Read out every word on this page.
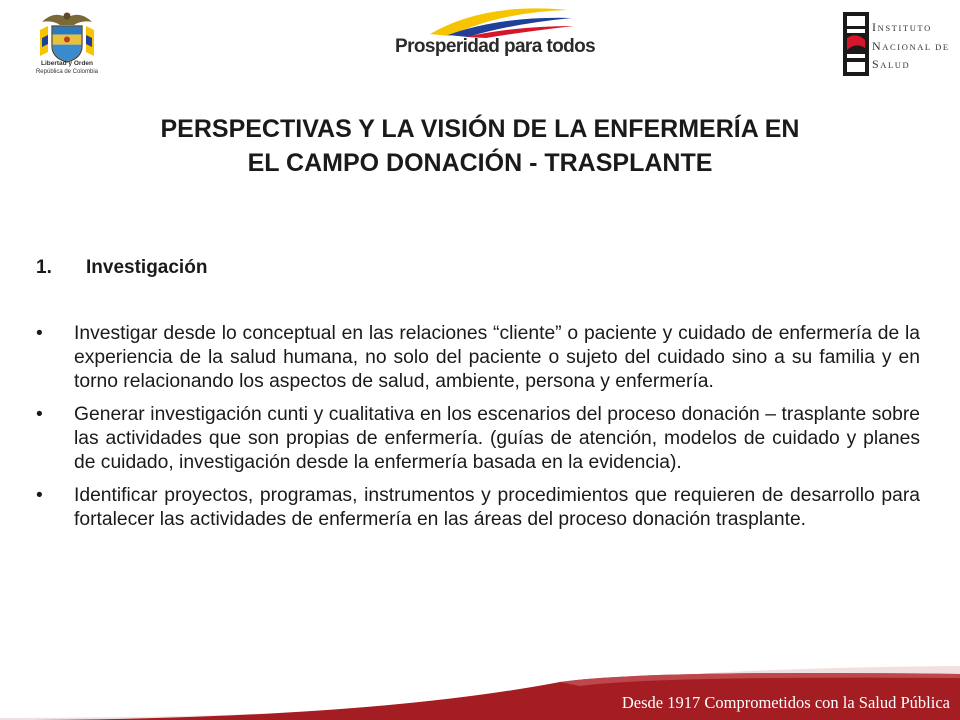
Libertad y Orden
República de Colombia
Prosperidad para todos
INSTITUTO
NACIONAL DE
SALUD
PERSPECTIVAS Y LA VISIÓN DE LA ENFERMERÍA EN
EL CAMPO DONACIÓN - TRASPLANTE
1. Investigación
• Investigar desde lo conceptual en las relaciones “cliente” o paciente y cuidado de enfermería de la experiencia de la salud humana, no solo del paciente o sujeto del cuidado sino a su familia y en torno relacionando los aspectos de salud, ambiente, persona y enfermería.
• Generar investigación cunti y cualitativa en los escenarios del proceso donación – trasplante sobre las actividades que son propias de enfermería. (guías de atención, modelos de cuidado y planes de cuidado, investigación desde la enfermería basada en la evidencia).
• Identificar proyectos, programas, instrumentos y procedimientos que requieren de desarrollo para fortalecer las actividades de enfermería en las áreas del proceso donación trasplante.
Desde 1917 Comprometidos con la Salud Pública
